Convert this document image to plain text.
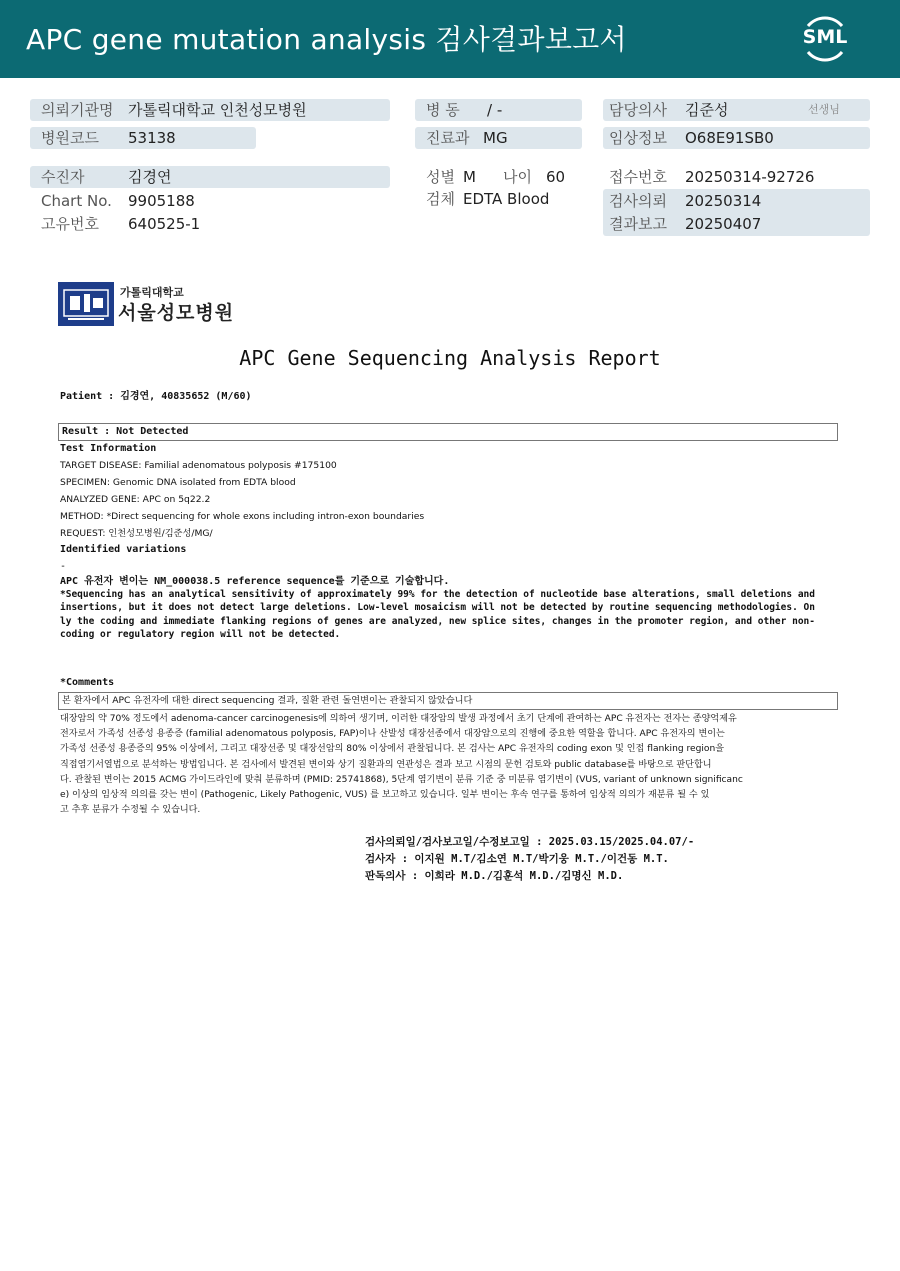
APC gene mutation analysis 검사결과보고서	SML
의뢰기관명 가톨릭대학교 인천성모병원
병원코드 53138
병 동 / -
진료과 MG
담당의사 김준성	선생님
임상정보 O68E91SB0
수진자	김경연
Chart No. 9905188
고유번호 640525-1
성별 M 나이 60
검체 EDTA Blood
접수번호 20250314-92726
검사의뢰 20250314
결과보고 20250407
가톨릭대학교
서울성모병원
APC Gene Sequencing Analysis Report
Patient : 김경연, 40835652 (M/60)
Result : Not Detected
Test Information
TARGET DISEASE: Familial adenomatous polyposis #175100
SPECIMEN: Genomic DNA isolated from EDTA blood
ANALYZED GENE: APC on 5q22.2
METHOD: *Direct sequencing for whole exons including intron-exon boundaries
REQUEST: 인천성모병원/김준성/MG/
Identified variations
-
APC 유전자 변이는 NM_000038.5 reference sequence를 기준으로 기술합니다.
*Sequencing has an analytical sensitivity of approximately 99% for the detection of nucleotide base alterations, small deletions and
insertions, but it does not detect large deletions. Low-level mosaicism will not be detected by routine sequencing methodologies. On
ly the coding and immediate flanking regions of genes are analyzed, new splice sites, changes in the promoter region, and other non-
coding or regulatory region will not be detected.
*Comments
본 환자에서 APC 유전자에 대한 direct sequencing 결과, 질환 관련 돌연변이는 관찰되지 않았습니다
대장암의 약 70% 정도에서 adenoma-cancer carcinogenesis에 의하여 생기며, 이러한 대장암의 발생 과정에서 초기 단계에 관여하는 APC 유전자는 전자는 종양억제유
전자로서 가족성 선종성 용종증 (familial adenomatous polyposis, FAP)이나 산발성 대장선종에서 대장암으로의 진행에 중요한 역할을 합니다. APC 유전자의 변이는
가족성 선종성 용종증의 95% 이상에서, 그리고 대장선종 및 대장선암의 80% 이상에서 관찰됩니다. 본 검사는 APC 유전자의 coding exon 및 인접 flanking region을
직접염기서열법으로 분석하는 방법입니다. 본 검사에서 발견된 변이와 상기 질환과의 연관성은 결과 보고 시점의 문헌 검토와 public database를 바탕으로 판단합니
다. 관찰된 변이는 2015 ACMG 가이드라인에 맞춰 분류하며 (PMID: 25741868), 5단계 염기변이 분류 기준 중 미분류 염기변이 (VUS, variant of unknown significanc
e) 이상의 임상적 의의를 갖는 변이 (Pathogenic, Likely Pathogenic, VUS) 를 보고하고 있습니다. 일부 변이는 후속 연구를 통하여 임상적 의의가 재분류 될 수 있
고 추후 분류가 수정될 수 있습니다.
검사의뢰일/검사보고일/수정보고일 : 2025.03.15/2025.04.07/-
검사자 : 이지원 M.T/김소연 M.T/박기웅 M.T./이건동 M.T.
판독의사 : 이희라 M.D./김훈석 M.D./김명신 M.D.
